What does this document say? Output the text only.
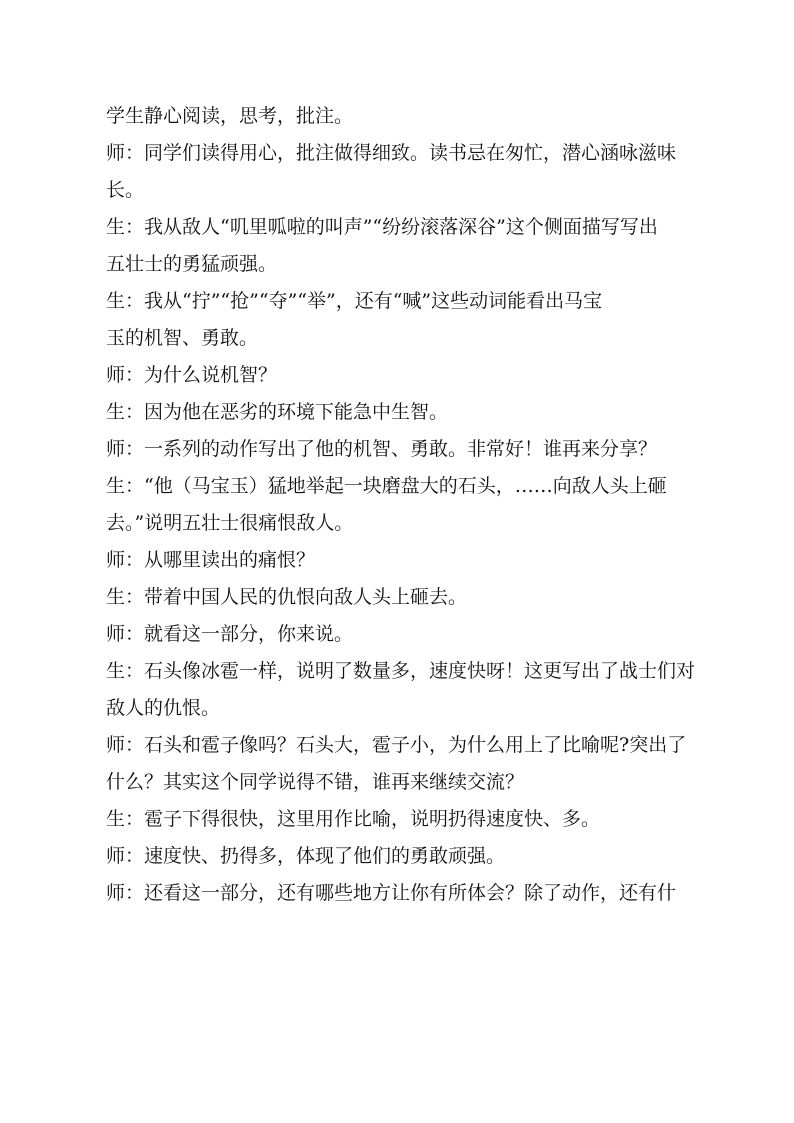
学生静心阅读，思考，批注。
师：同学们读得用心，批注做得细致。读书忌在匆忙，潜心涵咏滋味
长。
生：我从敌人“叽里呱啦的叫声”“纷纷滚落深谷”这个侧面描写写出
五壮士的勇猛顽强。
生：我从“拧”“抢”“夺”“举”，还有“喊”这些动词能看出马宝
玉的机智、勇敢。
师：为什么说机智？
生：因为他在恶劣的环境下能急中生智。
师：一系列的动作写出了他的机智、勇敢。非常好！谁再来分享？
生：“他（马宝玉）猛地举起一块磨盘大的石头，……向敌人头上砸
去。”说明五壮士很痛恨敌人。
师：从哪里读出的痛恨？
生：带着中国人民的仇恨向敌人头上砸去。
师：就看这一部分，你来说。
生：石头像冰雹一样，说明了数量多，速度快呀！这更写出了战士们对
敌人的仇恨。
师：石头和雹子像吗？石头大，雹子小，为什么用上了比喻呢?突出了
什么？其实这个同学说得不错，谁再来继续交流？
生：雹子下得很快，这里用作比喻，说明扔得速度快、多。
师：速度快、扔得多，体现了他们的勇敢顽强。
师：还看这一部分，还有哪些地方让你有所体会？除了动作，还有什
